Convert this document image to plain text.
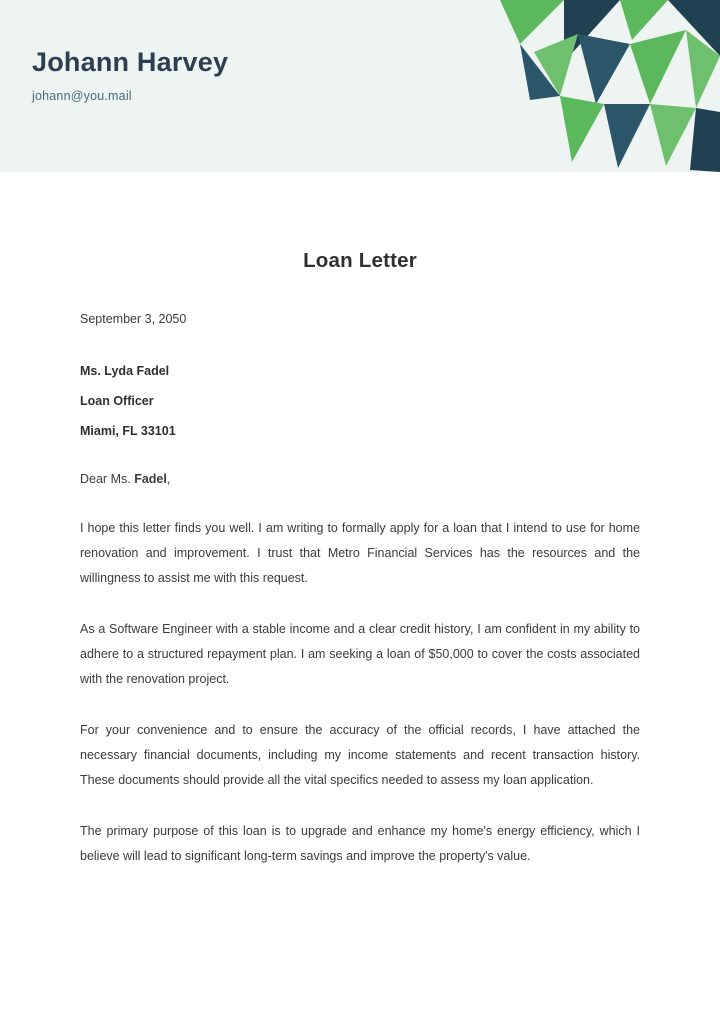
Johann Harvey
johann@you.mail
Loan Letter
September 3, 2050
Ms. Lyda Fadel
Loan Officer
Miami, FL 33101
Dear Ms. Fadel,

I hope this letter finds you well. I am writing to formally apply for a loan that I intend to use for home renovation and improvement. I trust that Metro Financial Services has the resources and the willingness to assist me with this request.

As a Software Engineer with a stable income and a clear credit history, I am confident in my ability to adhere to a structured repayment plan. I am seeking a loan of $50,000 to cover the costs associated with the renovation project.

For your convenience and to ensure the accuracy of the official records, I have attached the necessary financial documents, including my income statements and recent transaction history. These documents should provide all the vital specifics needed to assess my loan application.

The primary purpose of this loan is to upgrade and enhance my home's energy efficiency, which I believe will lead to significant long-term savings and improve the property's value.
